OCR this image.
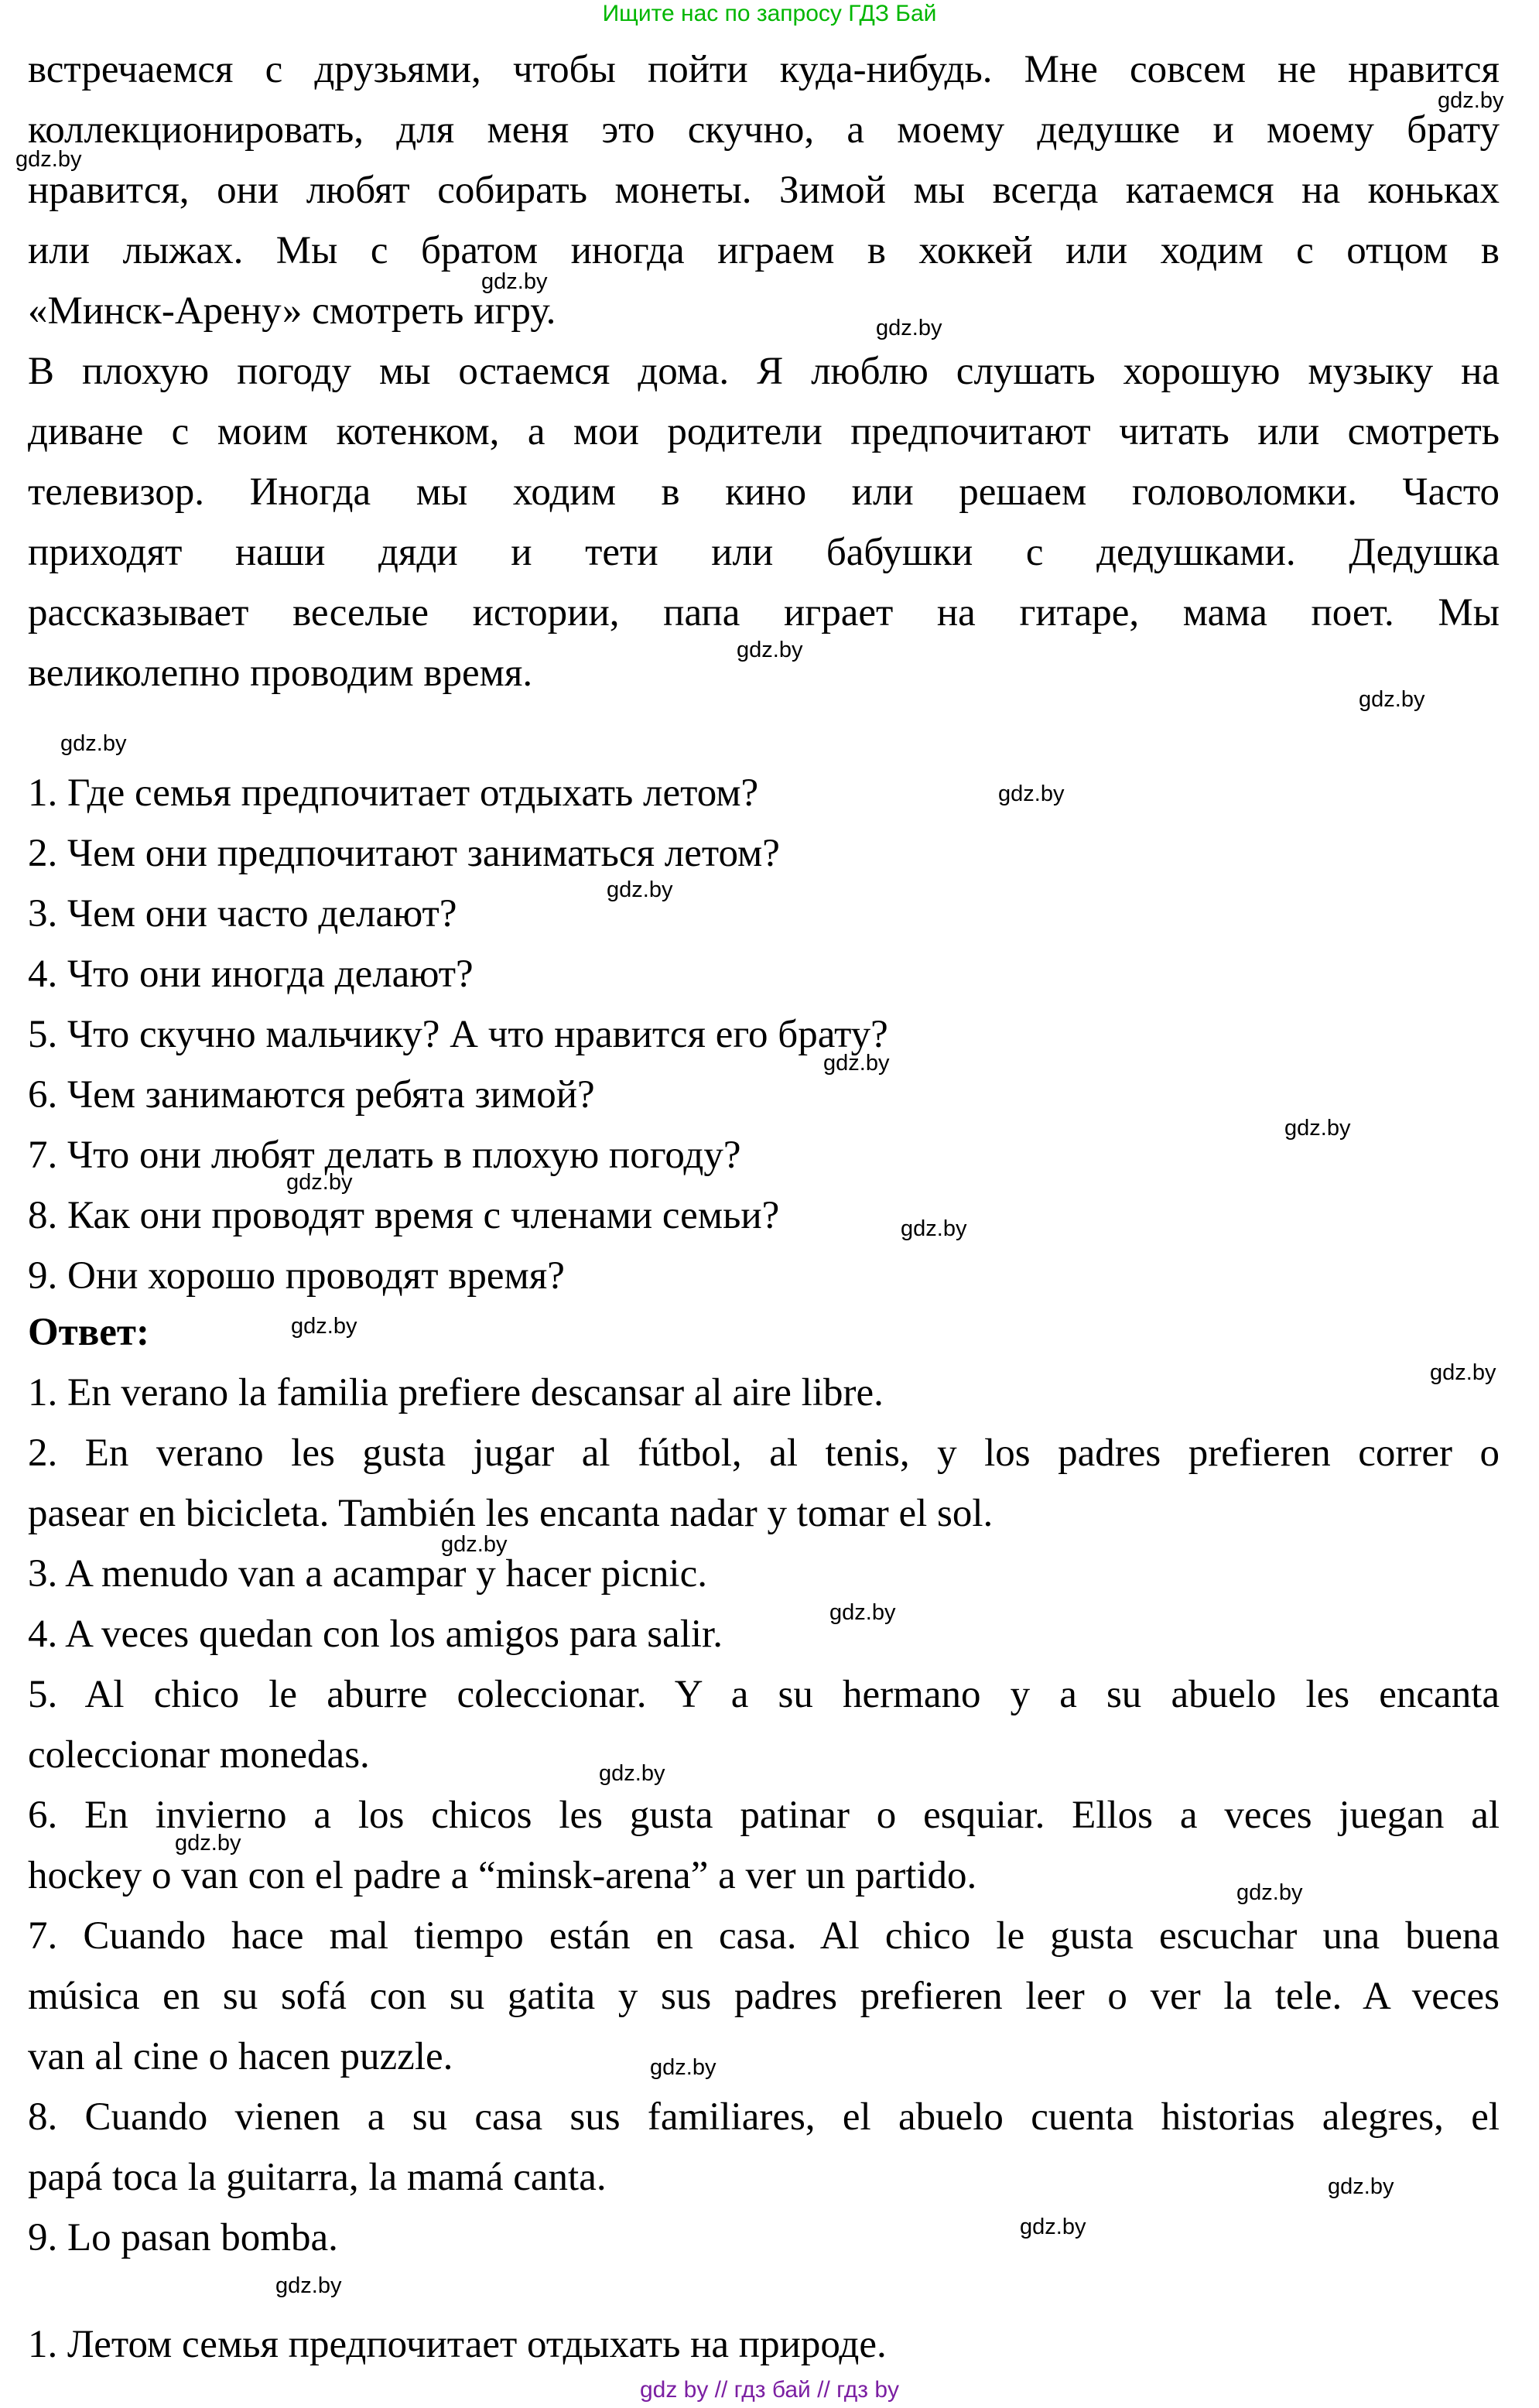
Ищите нас по запросу ГДЗ Бай
встречаемся с друзьями, чтобы пойти куда-нибудь. Мне совсем не нравится
коллекционировать, для меня это скучно, а моему дедушке и моему брату
нравится, они любят собирать монеты. Зимой мы всегда катаемся на коньках
или лыжах. Мы с братом иногда играем в хоккей или ходим с отцом в
«Минск-Арену» смотреть игру.
В плохую погоду мы остаемся дома. Я люблю слушать хорошую музыку на
диване с моим котенком, а мои родители предпочитают читать или смотреть
телевизор. Иногда мы ходим в кино или решаем головоломки. Часто
приходят наши дяди и тети или бабушки с дедушками. Дедушка
рассказывает веселые истории, папа играет на гитаре, мама поет. Мы
великолепно проводим время.
1. Где семья предпочитает отдыхать летом?
2. Чем они предпочитают заниматься летом?
3. Чем они часто делают?
4. Что они иногда делают?
5. Что скучно мальчику? А что нравится его брату?
6. Чем занимаются ребята зимой?
7. Что они любят делать в плохую погоду?
8. Как они проводят время с членами семьи?
9. Они хорошо проводят время?
Ответ:
1. En verano la familia prefiere descansar al aire libre.
2. En verano les gusta jugar al fútbol, al tenis, y los padres prefieren correr o
pasear en bicicleta. También les encanta nadar y tomar el sol.
3. A menudo van a acampar y hacer picnic.
4. A veces quedan con los amigos para salir.
5. Al chico le aburre coleccionar. Y a su hermano y a su abuelo les encanta
coleccionar monedas.
6. En invierno a los chicos les gusta patinar o esquiar. Ellos a veces juegan al
hockey o van con el padre a “minsk-arena” a ver un partido.
7. Cuando hace mal tiempo están en casa. Al chico le gusta escuchar una buena
música en su sofá con su gatita y sus padres prefieren leer o ver la tele. A veces
van al cine o hacen puzzle.
8. Cuando vienen a su casa sus familiares, el abuelo cuenta historias alegres, el
papá toca la guitarra, la mamá canta.
9. Lo pasan bomba.
1. Летом семья предпочитает отдыхать на природе.
gdz.by
gdz.by
gdz.by
gdz.by
gdz.by
gdz.by
gdz.by
gdz.by
gdz.by
gdz.by
gdz.by
gdz.by
gdz.by
gdz.by
gdz.by
gdz.by
gdz.by
gdz.by
gdz.by
gdz.by
gdz.by
gdz.by
gdz.by
gdz.by
gdz by // гдз бай // гдз by
